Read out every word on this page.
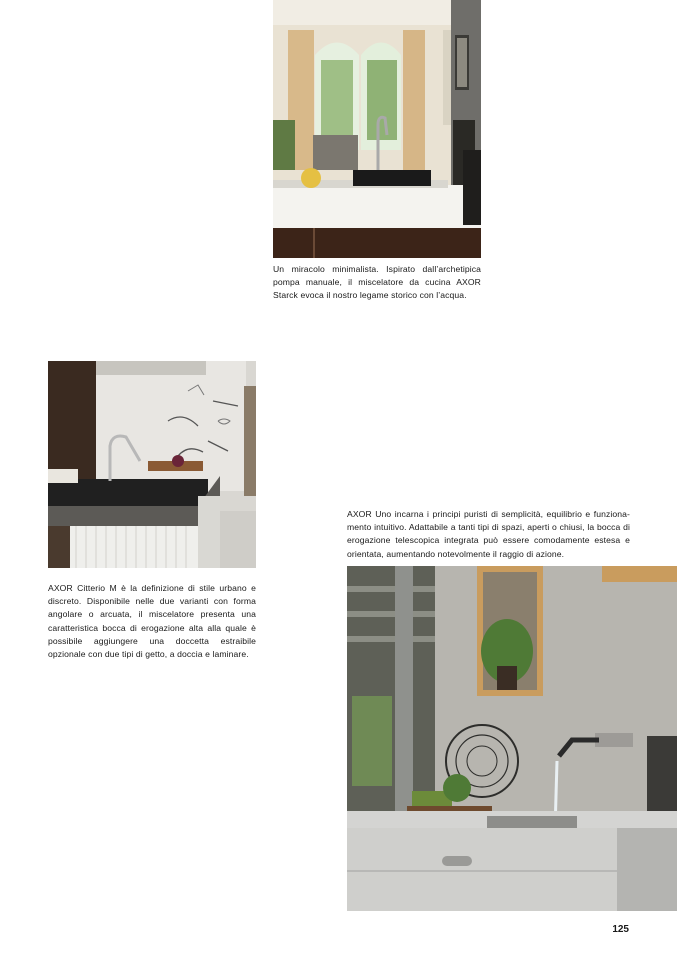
Un miracolo minimalista. Ispirato dall’archetipica pompa manuale, il miscelatore da cucina AXOR Starck evoca il nostro legame storico con l’acqua.
AXOR Citterio M è la definizione di stile urbano e discreto. Disponibile nelle due varianti con forma angolare o arcuata, il miscelatore presenta una caratteristica bocca di erogazione alta alla quale è possibile aggiungere una doccetta estraibile opzionale con due tipi di getto, a doccia e laminare.
AXOR Uno incarna i principi puristi di semplicità, equilibrio e funziona-mento intuitivo. Adattabile a tanti tipi di spazi, aperti o chiusi, la bocca di erogazione telescopica integrata può essere comodamente estesa e orientata, aumentando notevolmente il raggio di azione.
125
